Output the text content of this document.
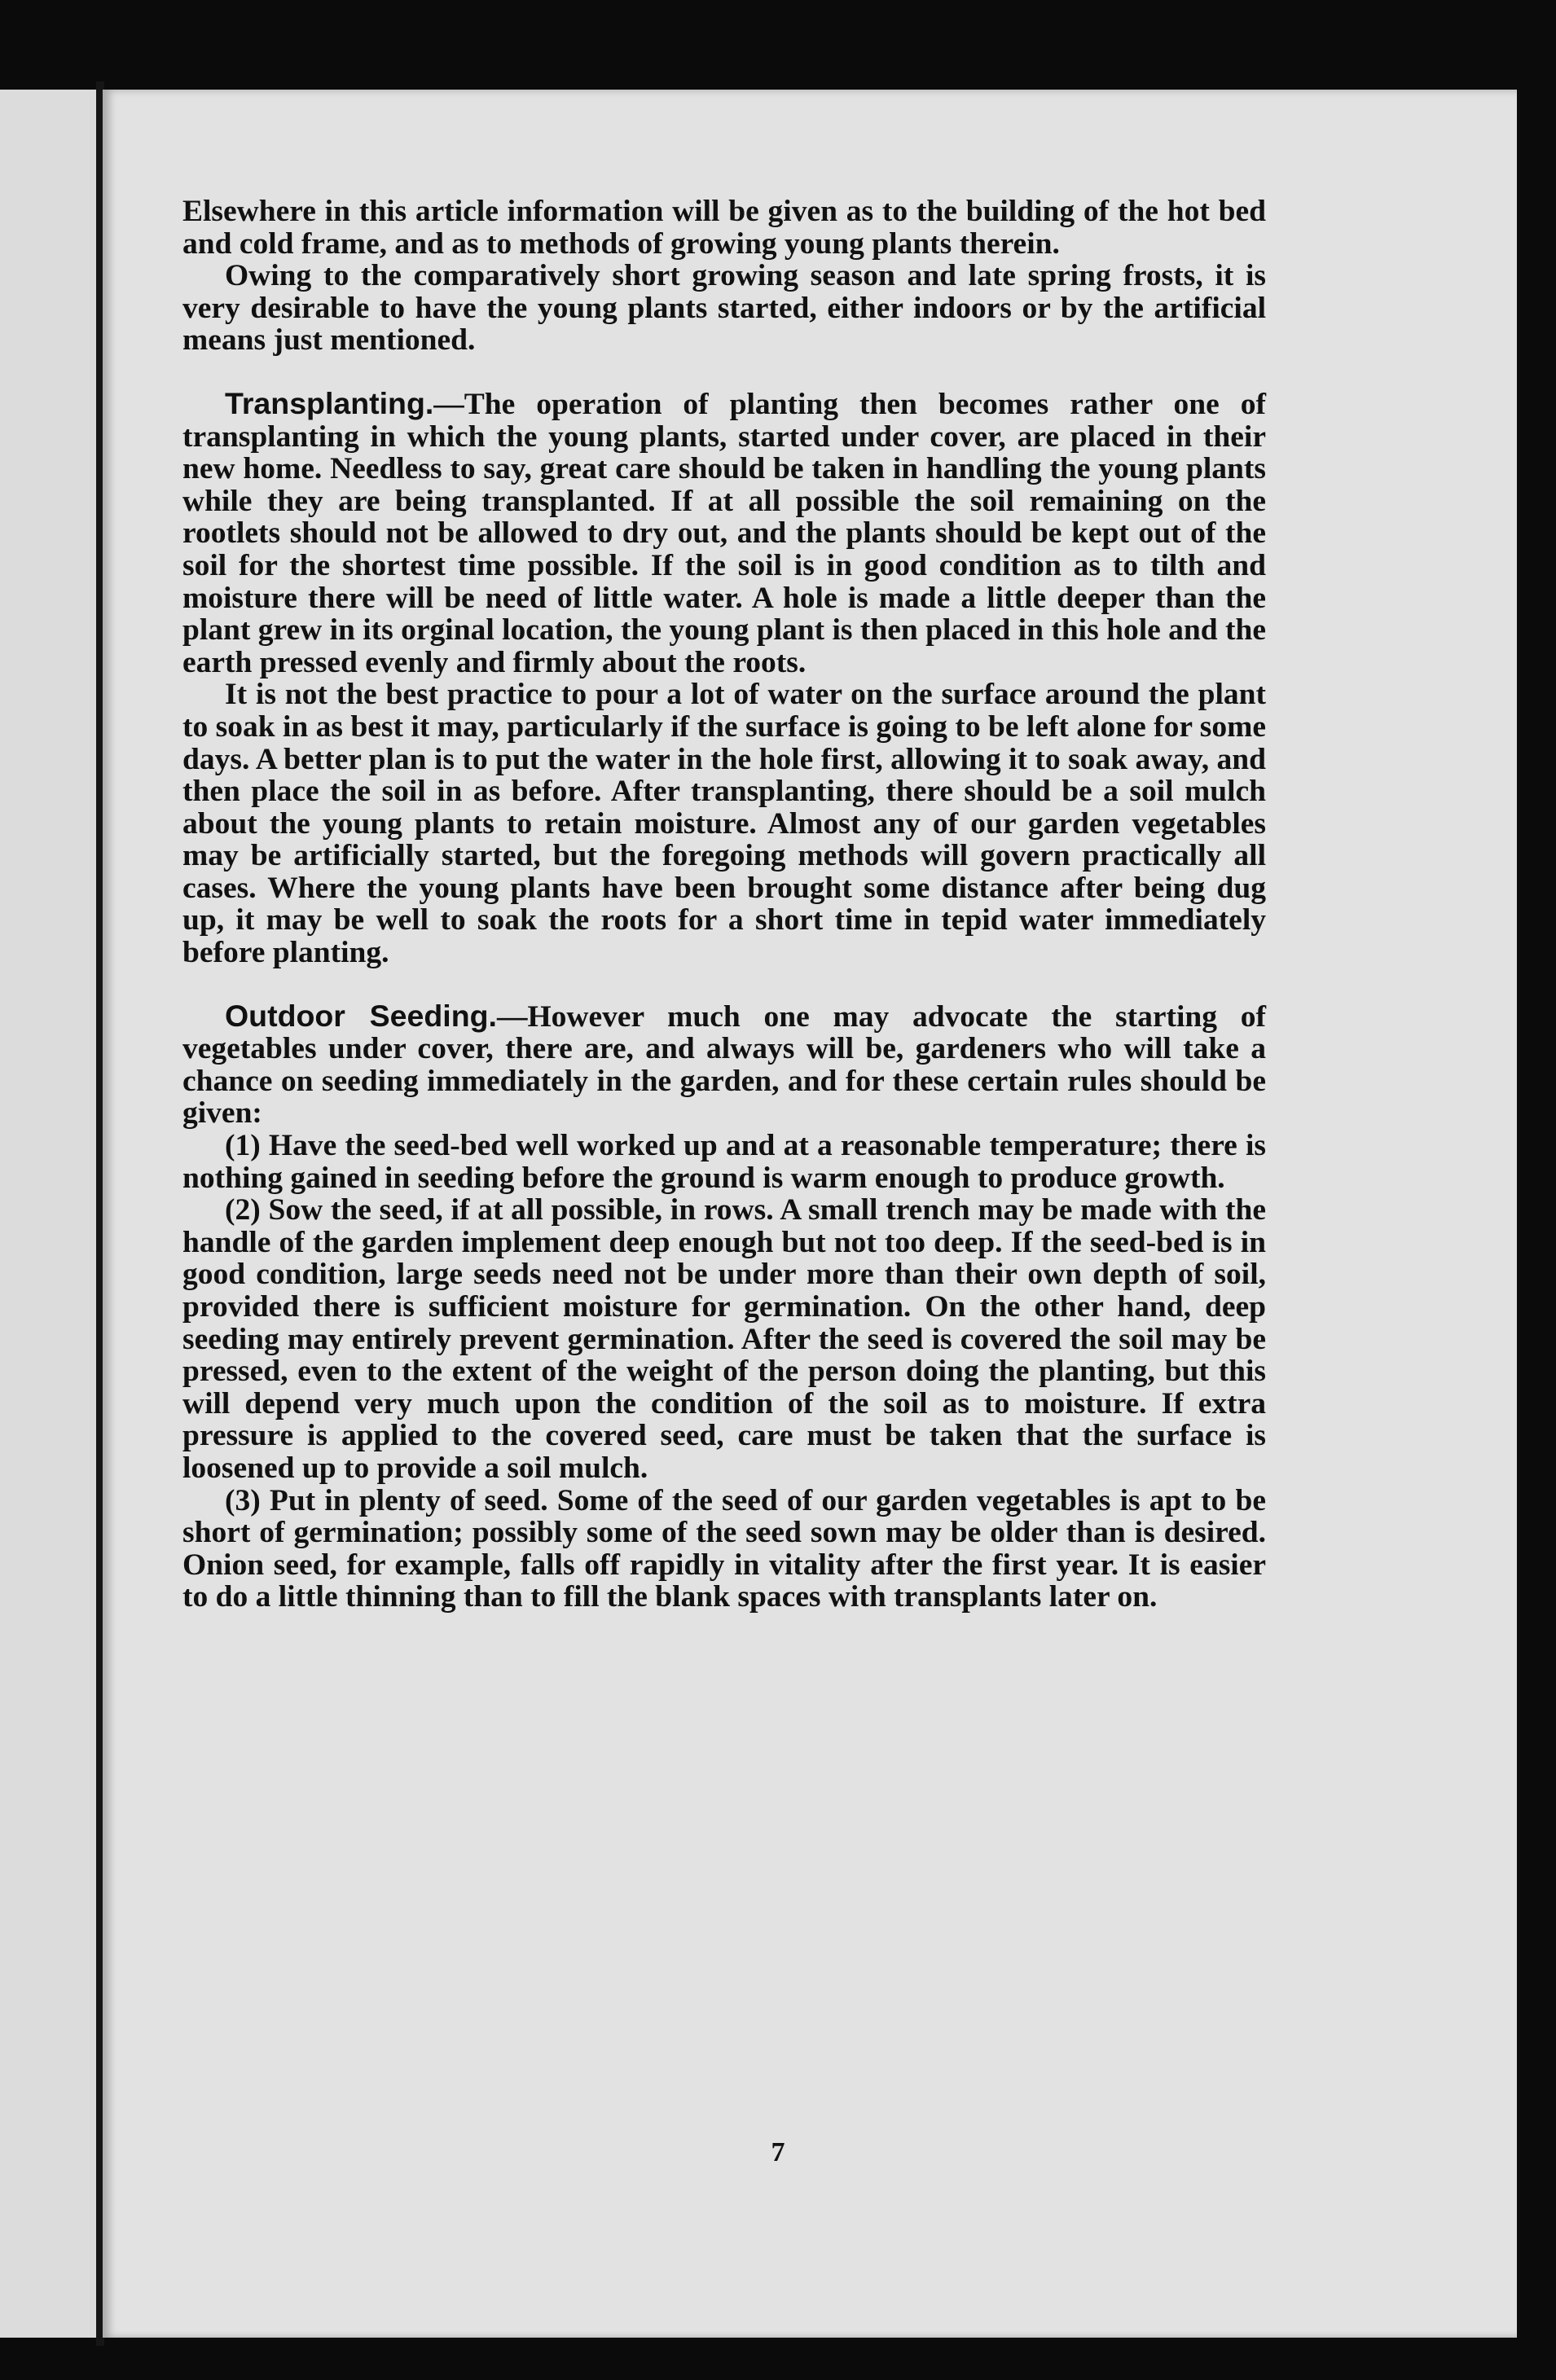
Elsewhere in this article information will be given as to the building of the hot bed and cold frame, and as to methods of growing young plants therein.

Owing to the comparatively short growing season and late spring frosts, it is very desirable to have the young plants started, either indoors or by the artificial means just mentioned.

Transplanting.—The operation of planting then becomes rather one of transplanting in which the young plants, started under cover, are placed in their new home. Needless to say, great care should be taken in handling the young plants while they are being transplanted. If at all possible the soil remaining on the rootlets should not be allowed to dry out, and the plants should be kept out of the soil for the shortest time possible. If the soil is in good condition as to tilth and moisture there will be need of little water. A hole is made a little deeper than the plant grew in its orginal location, the young plant is then placed in this hole and the earth pressed evenly and firmly about the roots.

It is not the best practice to pour a lot of water on the surface around the plant to soak in as best it may, particularly if the surface is going to be left alone for some days. A better plan is to put the water in the hole first, allowing it to soak away, and then place the soil in as before. After transplanting, there should be a soil mulch about the young plants to retain moisture. Almost any of our garden vegetables may be artificially started, but the foregoing methods will govern practically all cases. Where the young plants have been brought some distance after being dug up, it may be well to soak the roots for a short time in tepid water immediately before planting.

Outdoor Seeding.—However much one may advocate the starting of vegetables under cover, there are, and always will be, gardeners who will take a chance on seeding immediately in the garden, and for these certain rules should be given:

(1) Have the seed-bed well worked up and at a reasonable temperature; there is nothing gained in seeding before the ground is warm enough to produce growth.

(2) Sow the seed, if at all possible, in rows. A small trench may be made with the handle of the garden implement deep enough but not too deep. If the seed-bed is in good condition, large seeds need not be under more than their own depth of soil, provided there is sufficient moisture for germination. On the other hand, deep seeding may entirely prevent germination. After the seed is covered the soil may be pressed, even to the extent of the weight of the person doing the planting, but this will depend very much upon the condition of the soil as to moisture. If extra pressure is applied to the covered seed, care must be taken that the surface is loosened up to provide a soil mulch.

(3) Put in plenty of seed. Some of the seed of our garden vegetables is apt to be short of germination; possibly some of the seed sown may be older than is desired. Onion seed, for example, falls off rapidly in vitality after the first year. It is easier to do a little thinning than to fill the blank spaces with transplants later on.

7
